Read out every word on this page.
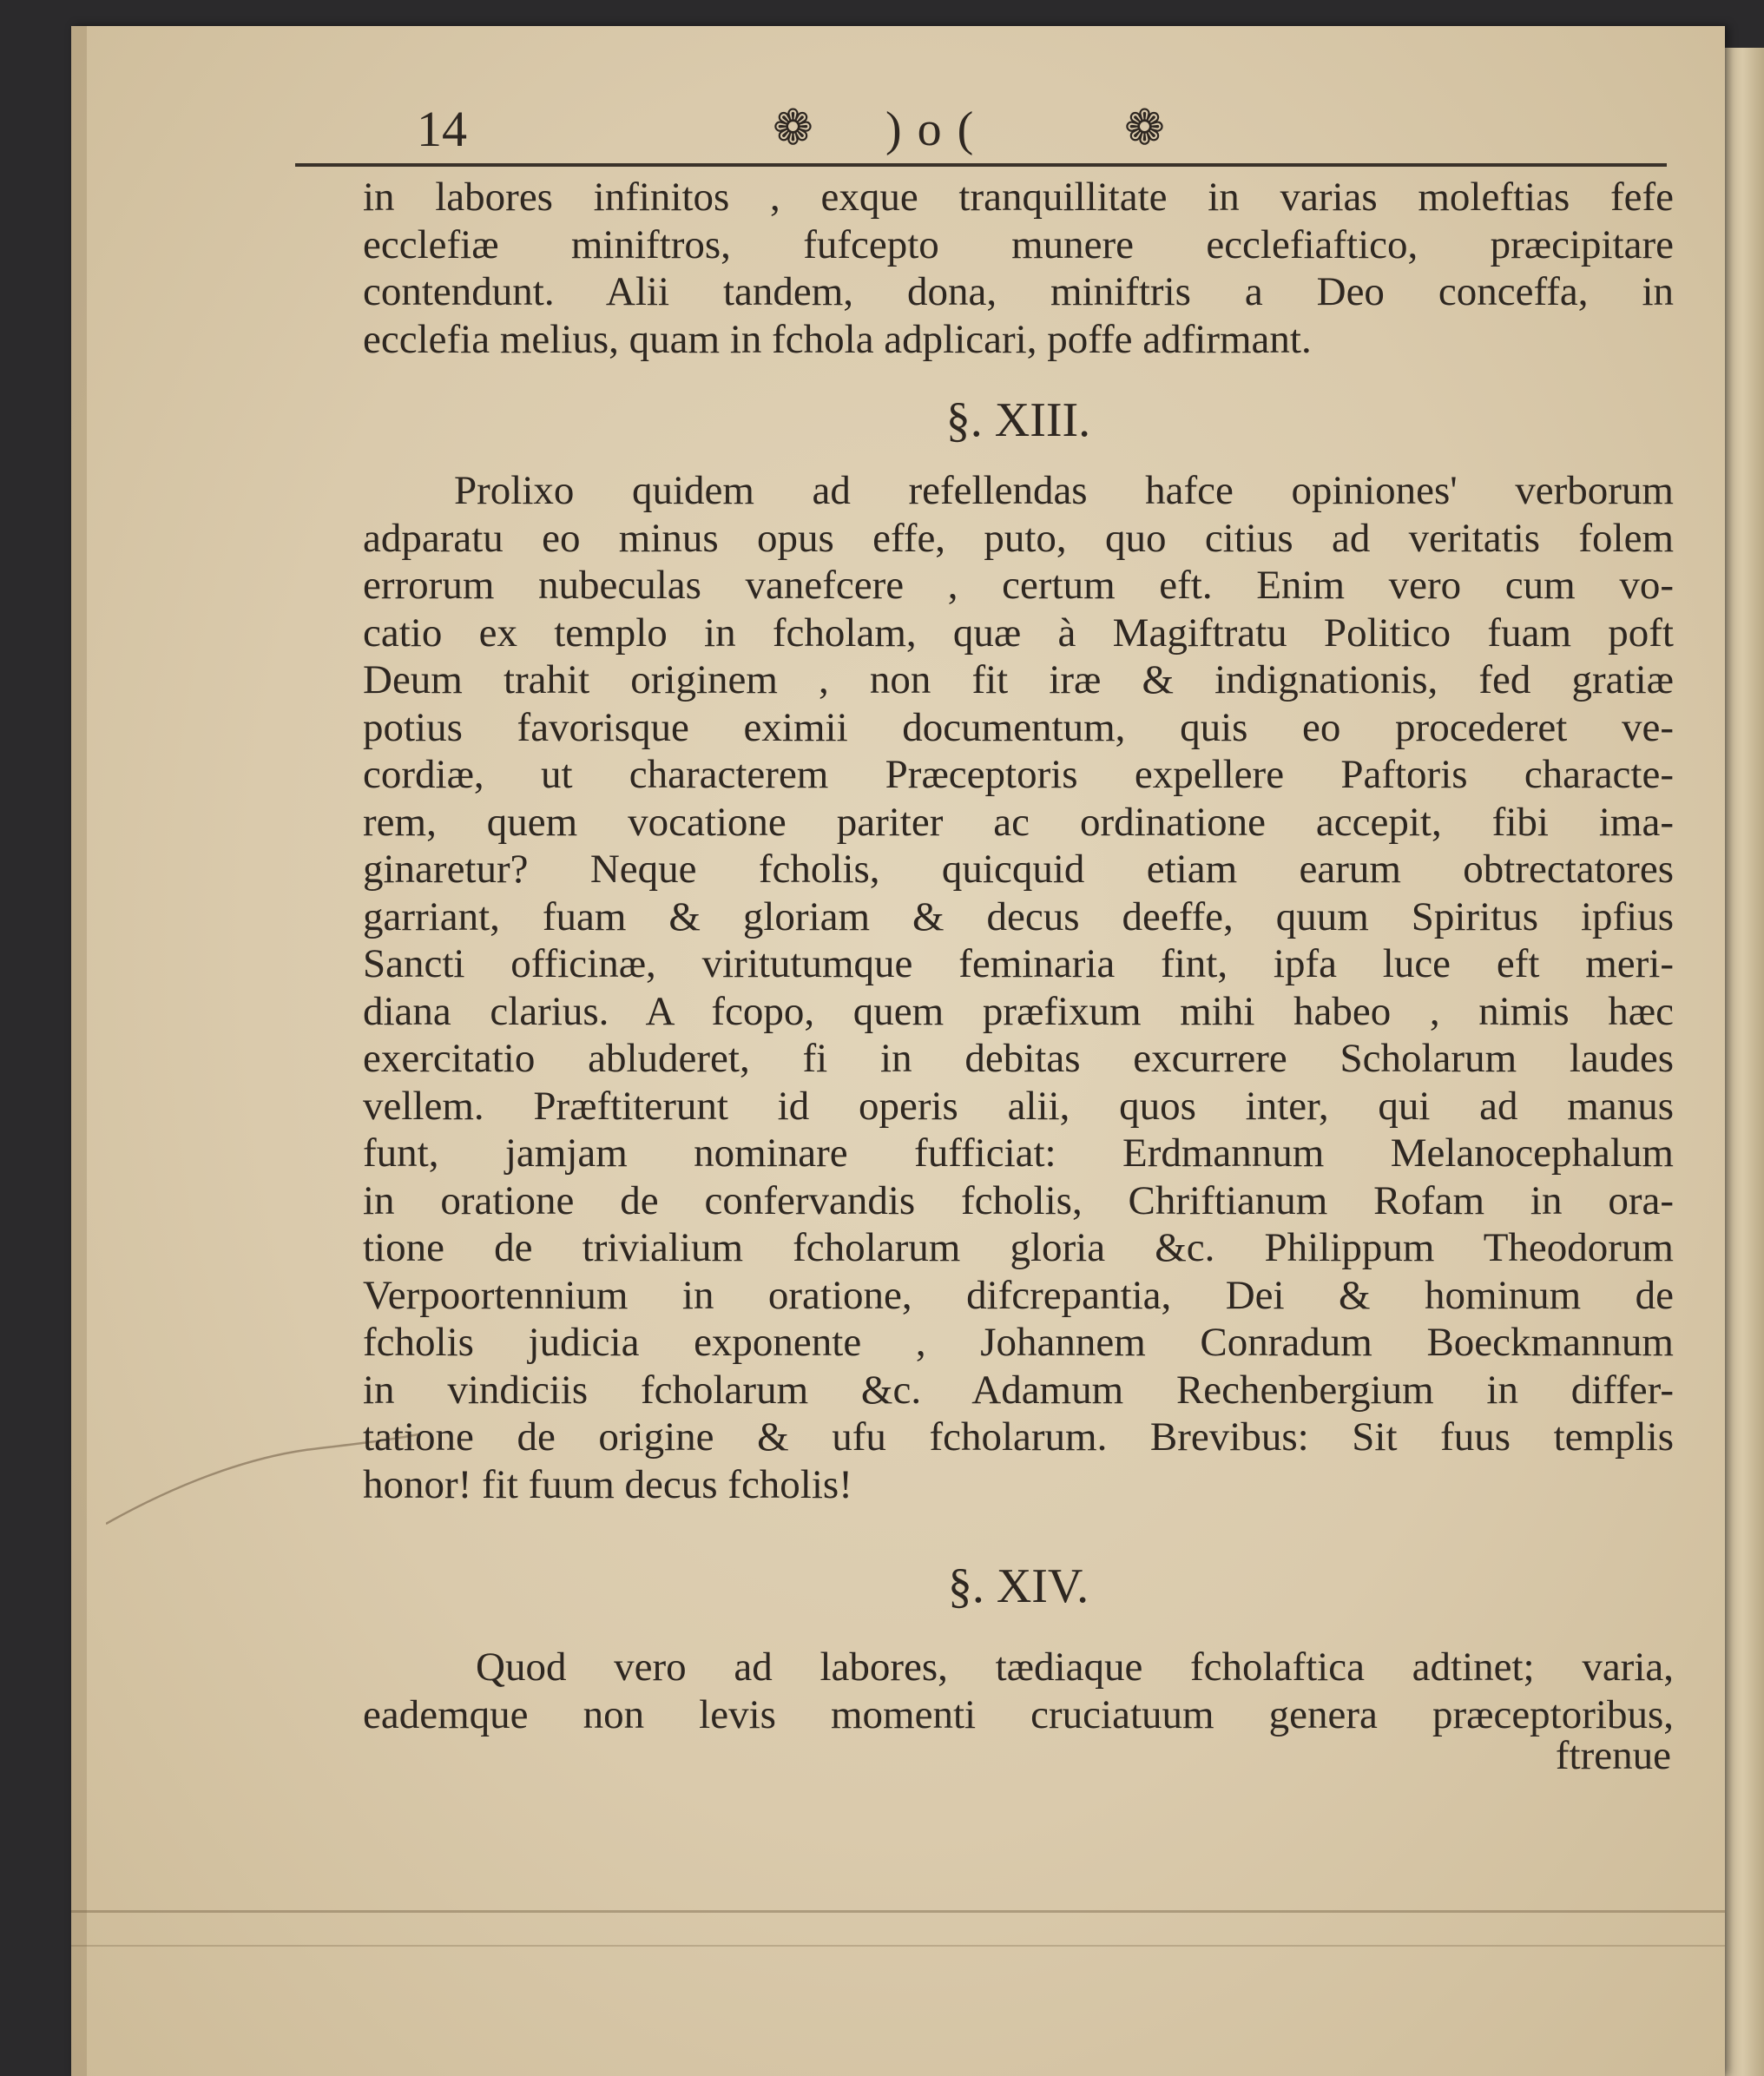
14	❁ )o(	❁
in labores infinitos , exque tranquillitate in varias moleftias fefe
ecclefiæ miniftros, fufcepto munere ecclefiaftico, præcipitare
contendunt. Alii tandem, dona, miniftris a Deo conceffa, in
ecclefia melius, quam in fchola adplicari, poffe adfirmant.
§. XIII.
Prolixo quidem ad refellendas hafce opiniones' verborum
adparatu eo minus opus effe, puto, quo citius ad veritatis folem
errorum nubeculas vanefcere , certum eft. Enim vero cum vo-
catio ex templo in fcholam, quæ à Magiftratu Politico fuam poft
Deum trahit originem , non fit iræ & indignationis, fed gratiæ
potius favorisque eximii documentum, quis eo procederet ve-
cordiæ, ut characterem Præceptoris expellere Paftoris characte-
rem, quem vocatione pariter ac ordinatione accepit, fibi ima-
ginaretur? Neque fcholis, quicquid etiam earum obtrectatores
garriant, fuam & gloriam & decus deeffe, quum Spiritus ipfius
Sancti officinæ, viritutumque feminaria fint, ipfa luce eft meri-
diana clarius. A fcopo, quem præfixum mihi habeo , nimis hæc
exercitatio abluderet, fi in debitas excurrere Scholarum laudes
vellem. Præftiterunt id operis alii, quos inter, qui ad manus
funt, jamjam nominare fufficiat: Erdmannum Melanocephalum
in oratione de confervandis fcholis, Chriftianum Rofam in ora-
tione de trivialium fcholarum gloria &c. Philippum Theodorum
Verpoortennium in oratione, difcrepantia, Dei & hominum de
fcholis judicia exponente , Johannem Conradum Boeckmannum
in vindiciis fcholarum &c. Adamum Rechenbergium in differ-
tatione de origine & ufu fcholarum. Brevibus: Sit fuus templis
honor! fit fuum decus fcholis!
§. XIV.
Quod vero ad labores, tædiaque fcholaftica adtinet; varia,
eademque non levis momenti cruciatuum genera præceptoribus,
ftrenue
